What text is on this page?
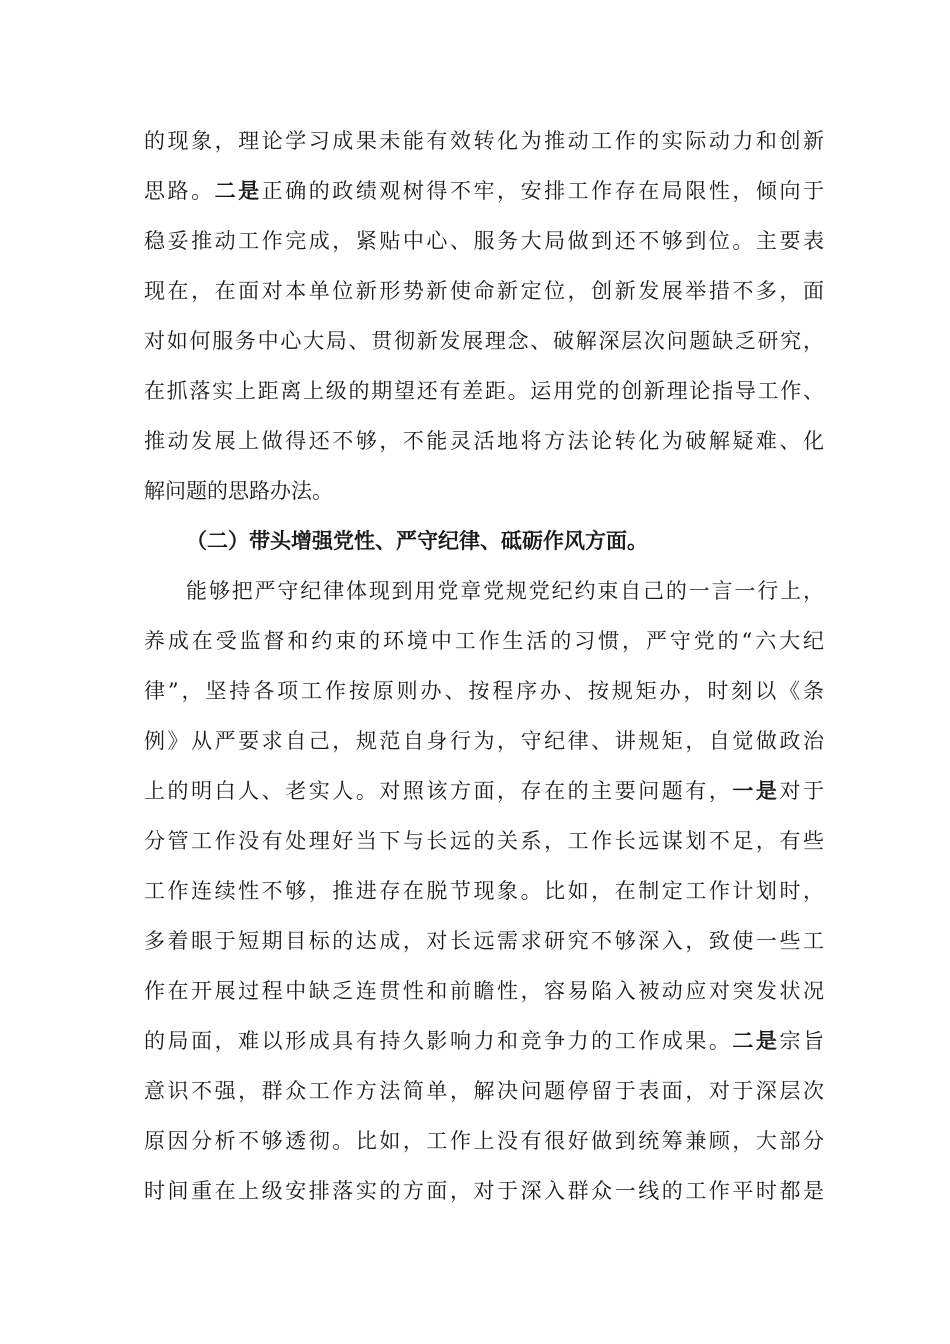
的现象，理论学习成果未能有效转化为推动工作的实际动力和创新
思路。二是正确的政绩观树得不牢，安排工作存在局限性，倾向于
稳妥推动工作完成，紧贴中心、服务大局做到还不够到位。主要表
现在，在面对本单位新形势新使命新定位，创新发展举措不多，面
对如何服务中心大局、贯彻新发展理念、破解深层次问题缺乏研究，
在抓落实上距离上级的期望还有差距。运用党的创新理论指导工作、
推动发展上做得还不够，不能灵活地将方法论转化为破解疑难、化
解问题的思路办法。
（二）带头增强党性、严守纪律、砥砺作风方面。
能够把严守纪律体现到用党章党规党纪约束自己的一言一行上，
养成在受监督和约束的环境中工作生活的习惯，严守党的“六大纪
律”，坚持各项工作按原则办、按程序办、按规矩办，时刻以《条
例》从严要求自己，规范自身行为，守纪律、讲规矩，自觉做政治
上的明白人、老实人。对照该方面，存在的主要问题有，一是对于
分管工作没有处理好当下与长远的关系，工作长远谋划不足，有些
工作连续性不够，推进存在脱节现象。比如，在制定工作计划时，
多着眼于短期目标的达成，对长远需求研究不够深入，致使一些工
作在开展过程中缺乏连贯性和前瞻性，容易陷入被动应对突发状况
的局面，难以形成具有持久影响力和竞争力的工作成果。二是宗旨
意识不强，群众工作方法简单，解决问题停留于表面，对于深层次
原因分析不够透彻。比如，工作上没有很好做到统筹兼顾，大部分
时间重在上级安排落实的方面，对于深入群众一线的工作平时都是
